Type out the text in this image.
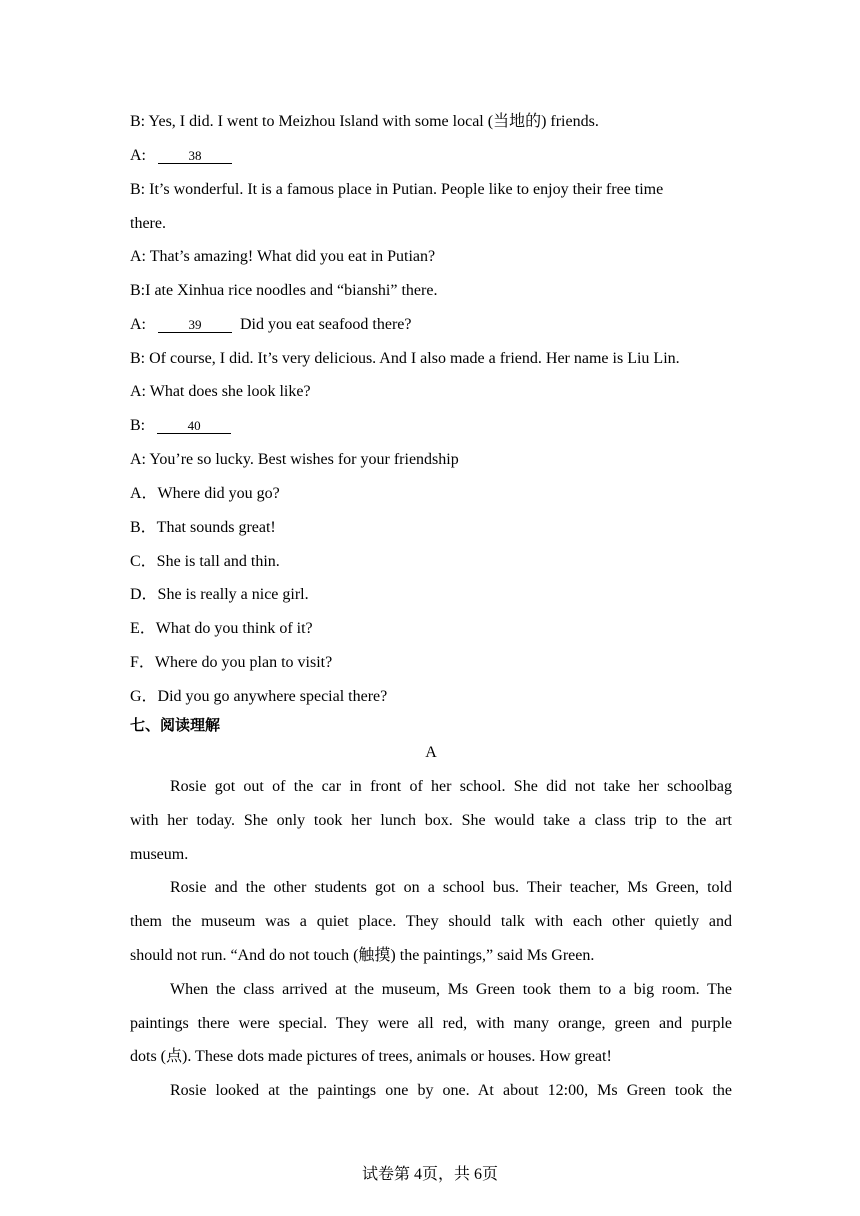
B: Yes, I did. I went to Meizhou Island with some local (当地的) friends.
A:	38
B: It’s wonderful. It is a famous place in Putian. People like to enjoy their free time
there.
A: That’s amazing! What did you eat in Putian?
B:I ate Xinhua rice noodles and “bianshi” there.
A:	39 Did you eat seafood there?
B: Of course, I did. It’s very delicious. And I also made a friend. Her name is Liu Lin.
A: What does she look like?
B:	40
A: You’re so lucky. Best wishes for your friendship
A．Where did you go?
B．That sounds great!
C．She is tall and thin.
D．She is really a nice girl.
E．What do you think of it?
F．Where do you plan to visit?
G．Did you go anywhere special there?
七、阅读理解
A
Rosie got out of the car in front of her school. She did not take her schoolbag
with her today. She only took her lunch box. She would take a class trip to the art
museum.
Rosie and the other students got on a school bus. Their teacher, Ms Green, told
them the museum was a quiet place. They should talk with each other quietly and
should not run. “And do not touch (触摸) the paintings,” said Ms Green.
When the class arrived at the museum, Ms Green took them to a big room. The
paintings there were special. They were all red, with many orange, green and purple
dots (点). These dots made pictures of trees, animals or houses. How great!
Rosie looked at the paintings one by one. At about 12:00, Ms Green took the
试卷第 4页，共 6页
